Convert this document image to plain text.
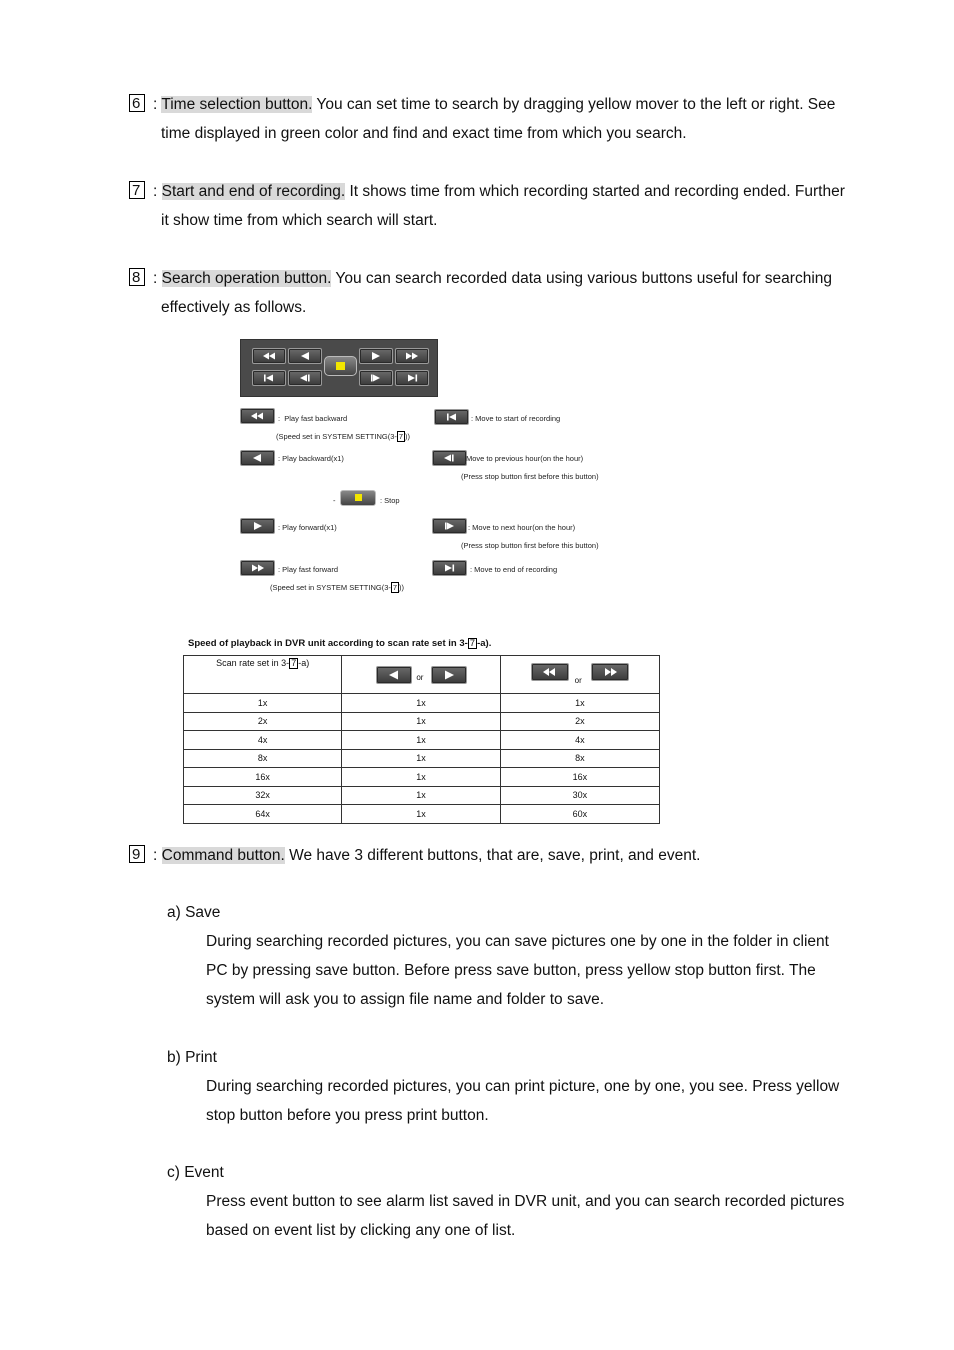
6 : Time selection button. You can set time to search by dragging yellow mover to the left or right. See
time displayed in green color and find and exact time from which you search.
7 : Start and end of recording. It shows time from which recording started and recording ended. Further
it show time from which search will start.
8 : Search operation button. You can search recorded data using various buttons useful for searching
effectively as follows.
:  Play fast backward
(Speed set in SYSTEM SETTING(3- 7 ))
: Play backward(x1)
-	: Stop
: Play forward(x1)
: Play fast forward
(Speed set in SYSTEM SETTING(3- 7 ))
: Move to start of recording
Move to previous hour(on the hour)
(Press stop button first before this button)
: Move to next hour(on the hour)
(Press stop button first before this button)
: Move to end of recording
Speed of playback in DVR unit according to scan rate set in 3- 7 -a).
Scan rate set in 3- 7 -a)	or	or

1x	1x	1x
2x	1x	2x
4x	1x	4x
8x	1x	8x
16x	1x	16x
32x	1x	30x
64x	1x	60x
9 : Command button. We have 3 different buttons, that are, save, print, and event.
a) Save
During searching recorded pictures, you can save pictures one by one in the folder in client
PC by pressing save button. Before press save button, press yellow stop button first. The
system will ask you to assign file name and folder to save.
b) Print
During searching recorded pictures, you can print picture, one by one, you see. Press yellow
stop button before you press print button.
c) Event
Press event button to see alarm list saved in DVR unit, and you can search recorded pictures
based on event list by clicking any one of list.
